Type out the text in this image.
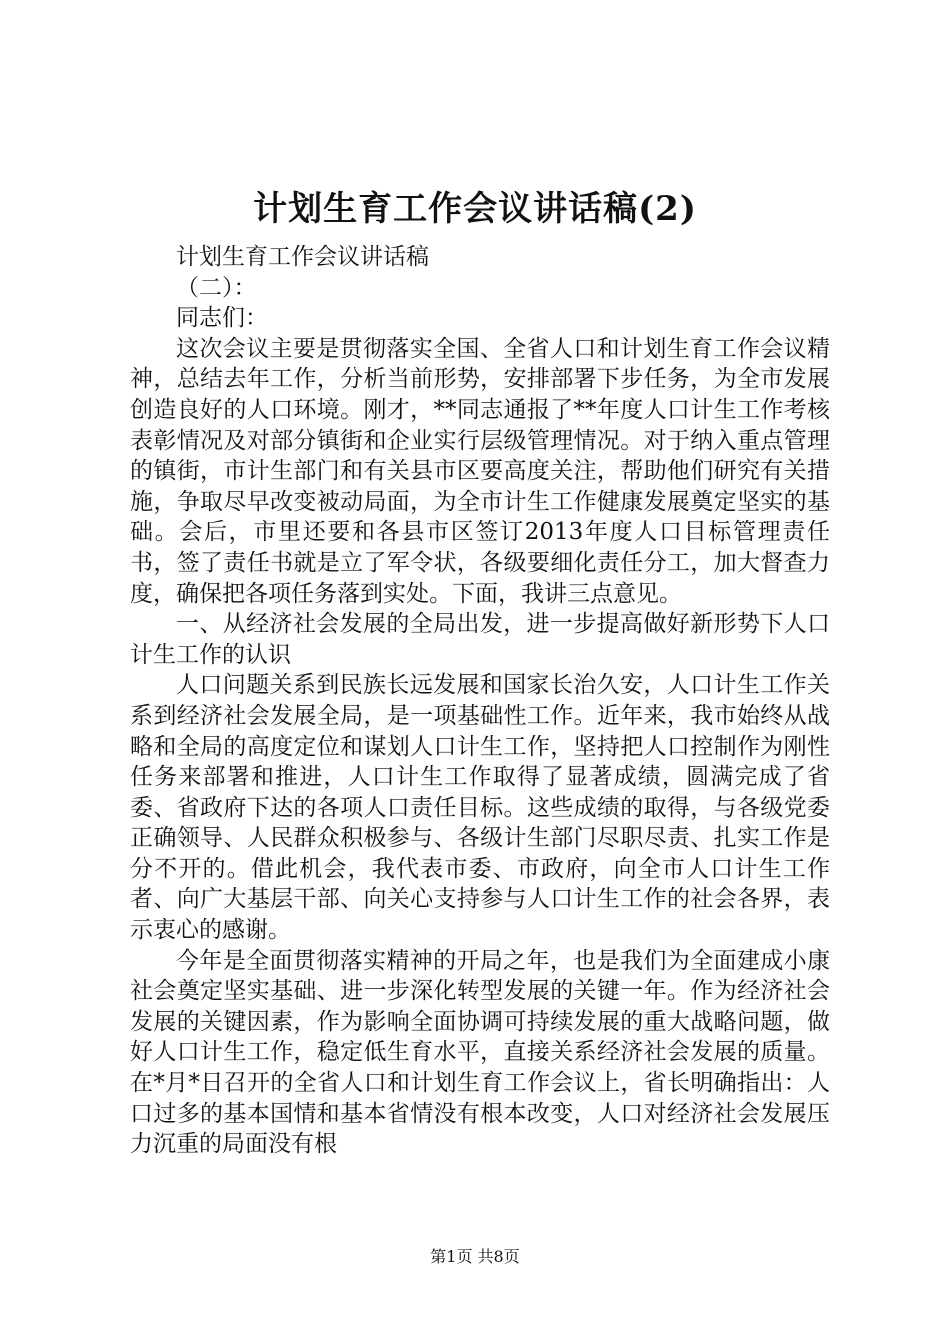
计划生育工作会议讲话稿(2)

计划生育工作会议讲话稿

（二）：

同志们：

这次会议主要是贯彻落实全国、全省人口和计划生育工作会议精神，总结去年工作，分析当前形势，安排部署下步任务，为全市发展创造良好的人口环境。刚才，**同志通报了**年度人口计生工作考核表彰情况及对部分镇街和企业实行层级管理情况。对于纳入重点管理的镇街，市计生部门和有关县市区要高度关注，帮助他们研究有关措施，争取尽早改变被动局面，为全市计生工作健康发展奠定坚实的基础。会后，市里还要和各县市区签订2013年度人口目标管理责任书，签了责任书就是立了军令状，各级要细化责任分工，加大督查力度，确保把各项任务落到实处。下面，我讲三点意见。

一、从经济社会发展的全局出发，进一步提高做好新形势下人口计生工作的认识

人口问题关系到民族长远发展和国家长治久安，人口计生工作关系到经济社会发展全局，是一项基础性工作。近年来，我市始终从战略和全局的高度定位和谋划人口计生工作，坚持把人口控制作为刚性任务来部署和推进，人口计生工作取得了显著成绩，圆满完成了省委、省政府下达的各项人口责任目标。这些成绩的取得，与各级党委正确领导、人民群众积极参与、各级计生部门尽职尽责、扎实工作是分不开的。借此机会，我代表市委、市政府，向全市人口计生工作者、向广大基层干部、向关心支持参与人口计生工作的社会各界，表示衷心的感谢。

今年是全面贯彻落实精神的开局之年，也是我们为全面建成小康社会奠定坚实基础、进一步深化转型发展的关键一年。作为经济社会发展的关键因素，作为影响全面协调可持续发展的重大战略问题，做好人口计生工作，稳定低生育水平，直接关系经济社会发展的质量。在*月*日召开的全省人口和计划生育工作会议上，省长明确指出：人口过多的基本国情和基本省情没有根本改变，人口对经济社会发展压力沉重的局面没有根

第1页 共8页
